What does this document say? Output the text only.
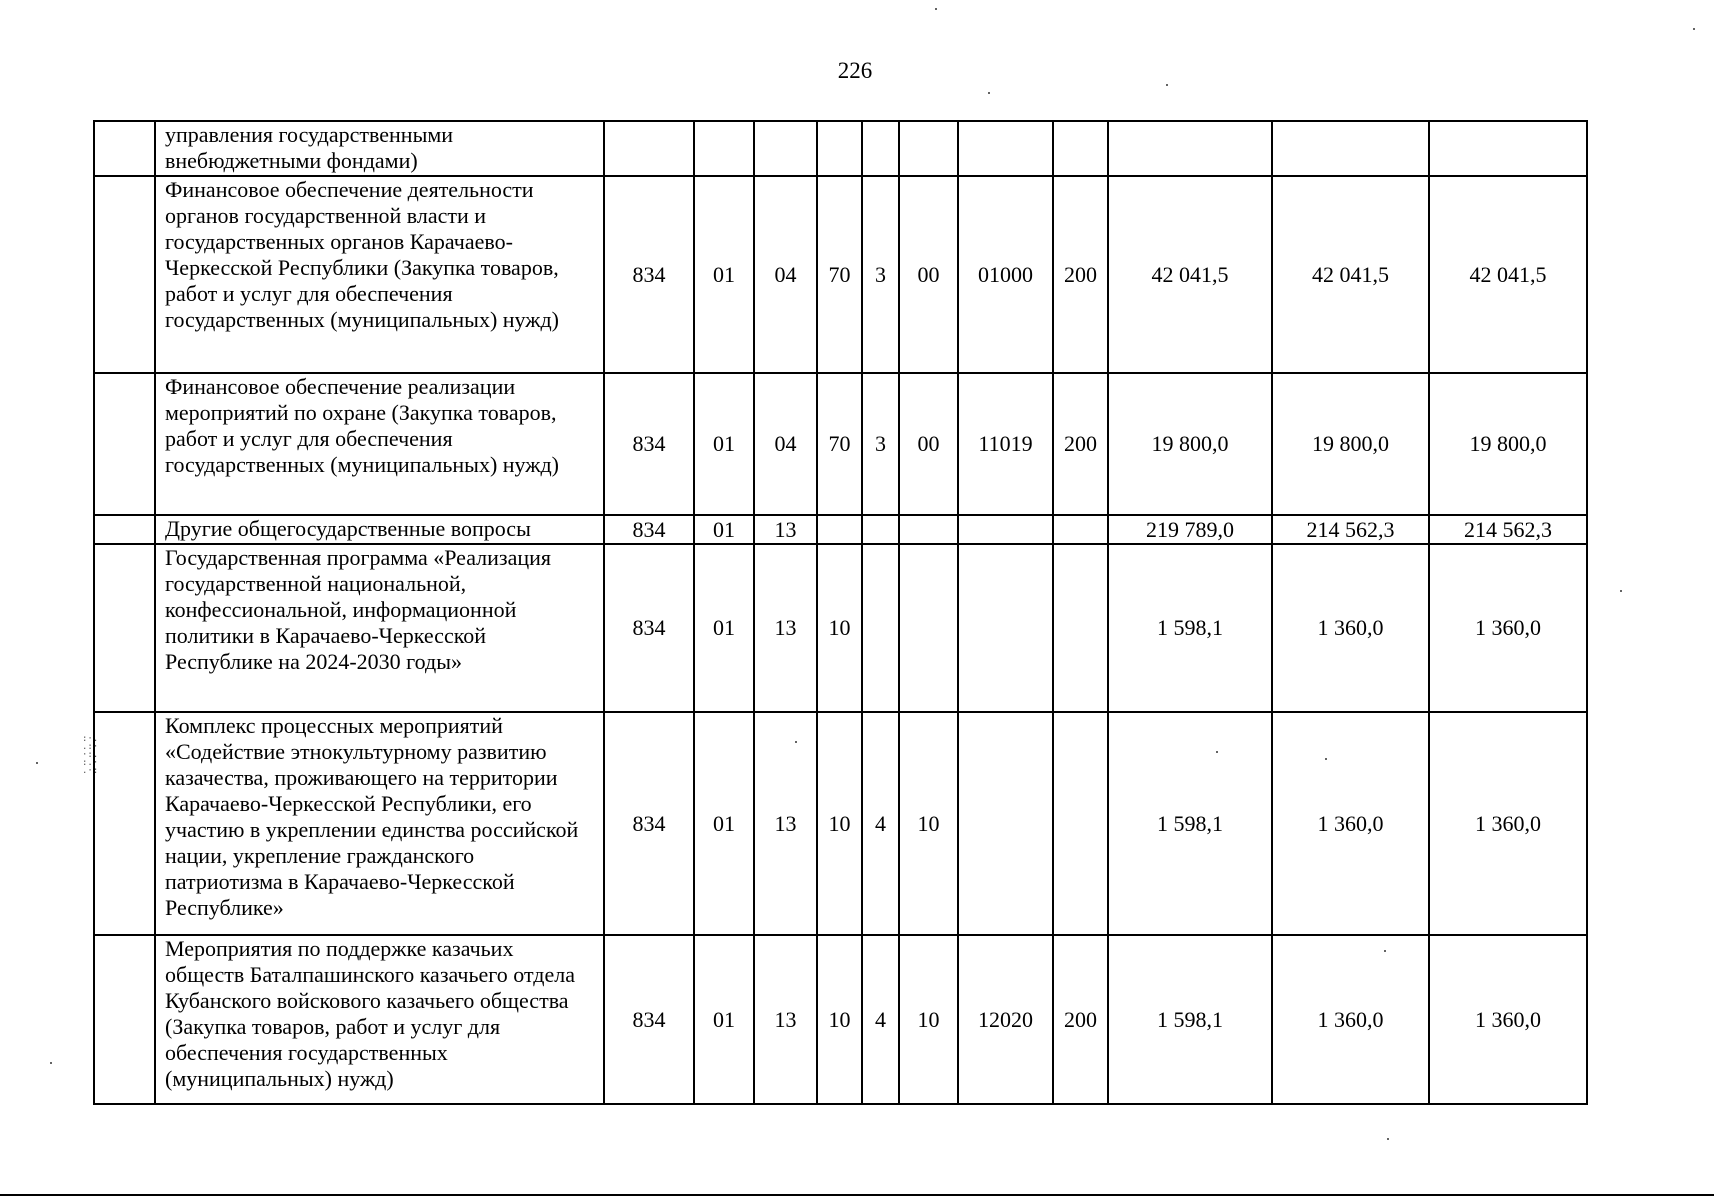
226
	управления государственными внебюджетными фондами)											
	Финансовое обеспечение деятельности органов государственной власти и государственных органов Карачаево-Черкесской Республики (Закупка товаров, работ и услуг для обеспечения государственных (муниципальных) нужд)	834	01	04	70	3	00	01000	200	42 041,5	42 041,5	42 041,5
	Финансовое обеспечение реализации мероприятий по охране (Закупка товаров, работ и услуг для обеспечения государственных (муниципальных) нужд)	834	01	04	70	3	00	11019	200	19 800,0	19 800,0	19 800,0
	Другие общегосударственные вопросы	834	01	13						219 789,0	214 562,3	214 562,3
	Государственная программа «Реализация государственной национальной, конфессиональной, информационной политики в Карачаево-Черкесской Республике на 2024-2030 годы»	834	01	13	10					1 598,1	1 360,0	1 360,0
	Комплекс процессных мероприятий «Содействие этнокультурному развитию казачества, проживающего на территории Карачаево-Черкесской Республики, его участию в укреплении единства российской нации, укрепление гражданского патриотизма в Карачаево-Черкесской Республике»	834	01	13	10	4	10			1 598,1	1 360,0	1 360,0
	Мероприятия по поддержке казачьих обществ Баталпашинского казачьего отдела Кубанского войскового казачьего общества (Закупка товаров, работ и услуг для обеспечения государственных (муниципальных) нужд)	834	01	13	10	4	10	12020	200	1 598,1	1 360,0	1 360,0
:·.
.:·
·:.
:.·
.·:
